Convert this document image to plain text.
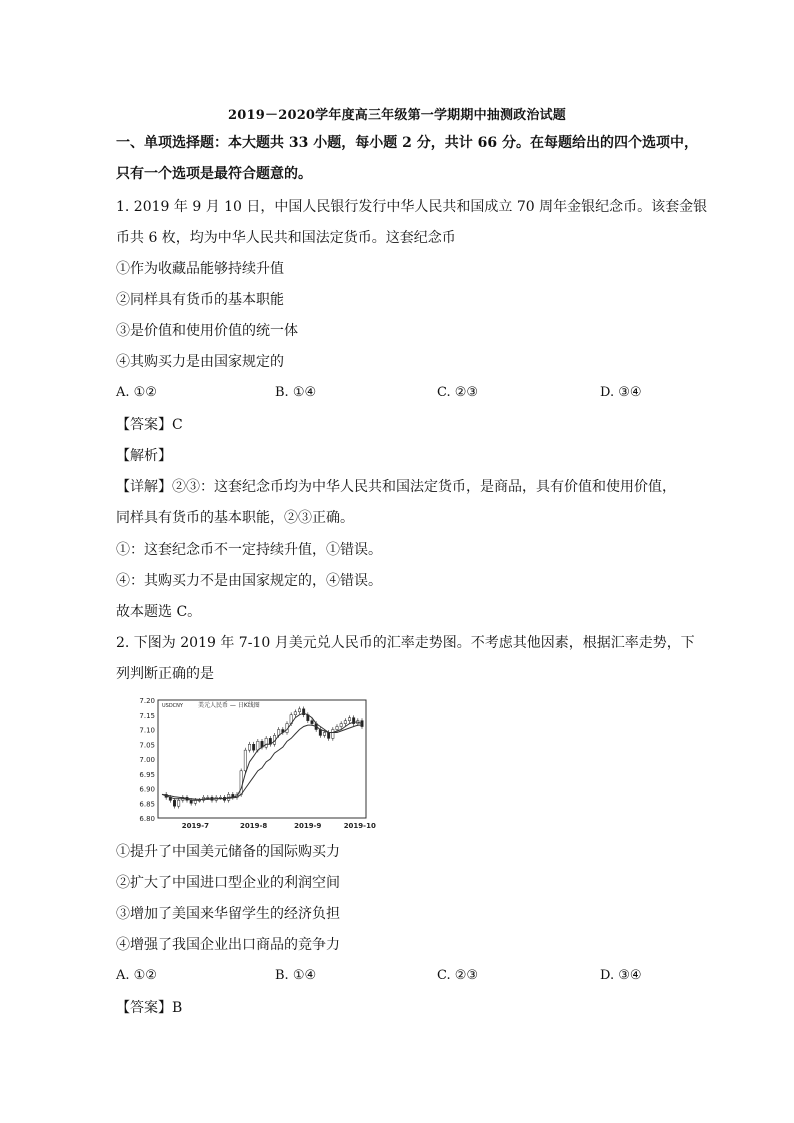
2019－2020学年度高三年级第一学期期中抽测政治试题
一、单项选择题：本大题共 33 小题，每小题 2 分，共计 66 分。在每题给出的四个选项中，
只有一个选项是最符合题意的。
1. 2019 年 9 月 10 日，中国人民银行发行中华人民共和国成立 70 周年金银纪念币。该套金银
币共 6 枚，均为中华人民共和国法定货币。这套纪念币
①作为收藏品能够持续升值
②同样具有货币的基本职能
③是价值和使用价值的统一体
④其购买力是由国家规定的
A. ①②	B. ①④	C. ②③	D. ③④
【答案】C
【解析】
【详解】②③：这套纪念币均为中华人民共和国法定货币，是商品，具有价值和使用价值，
同样具有货币的基本职能，②③正确。
①：这套纪念币不一定持续升值，①错误。
④：其购买力不是由国家规定的，④错误。
故本题选 C。
2. 下图为 2019 年 7-10 月美元兑人民币的汇率走势图。不考虑其他因素，根据汇率走势，下
列判断正确的是
7.20
7.15
7.10
7.05
7.00
6.95
6.90
6.85
6.80
2019-7	2019-8	2019-9	2019-10
USDCNY	美元人民币 — 日K线图
①提升了中国美元储备的国际购买力
②扩大了中国进口型企业的利润空间
③增加了美国来华留学生的经济负担
④增强了我国企业出口商品的竞争力
A. ①②	B. ①④	C. ②③	D. ③④
【答案】B
